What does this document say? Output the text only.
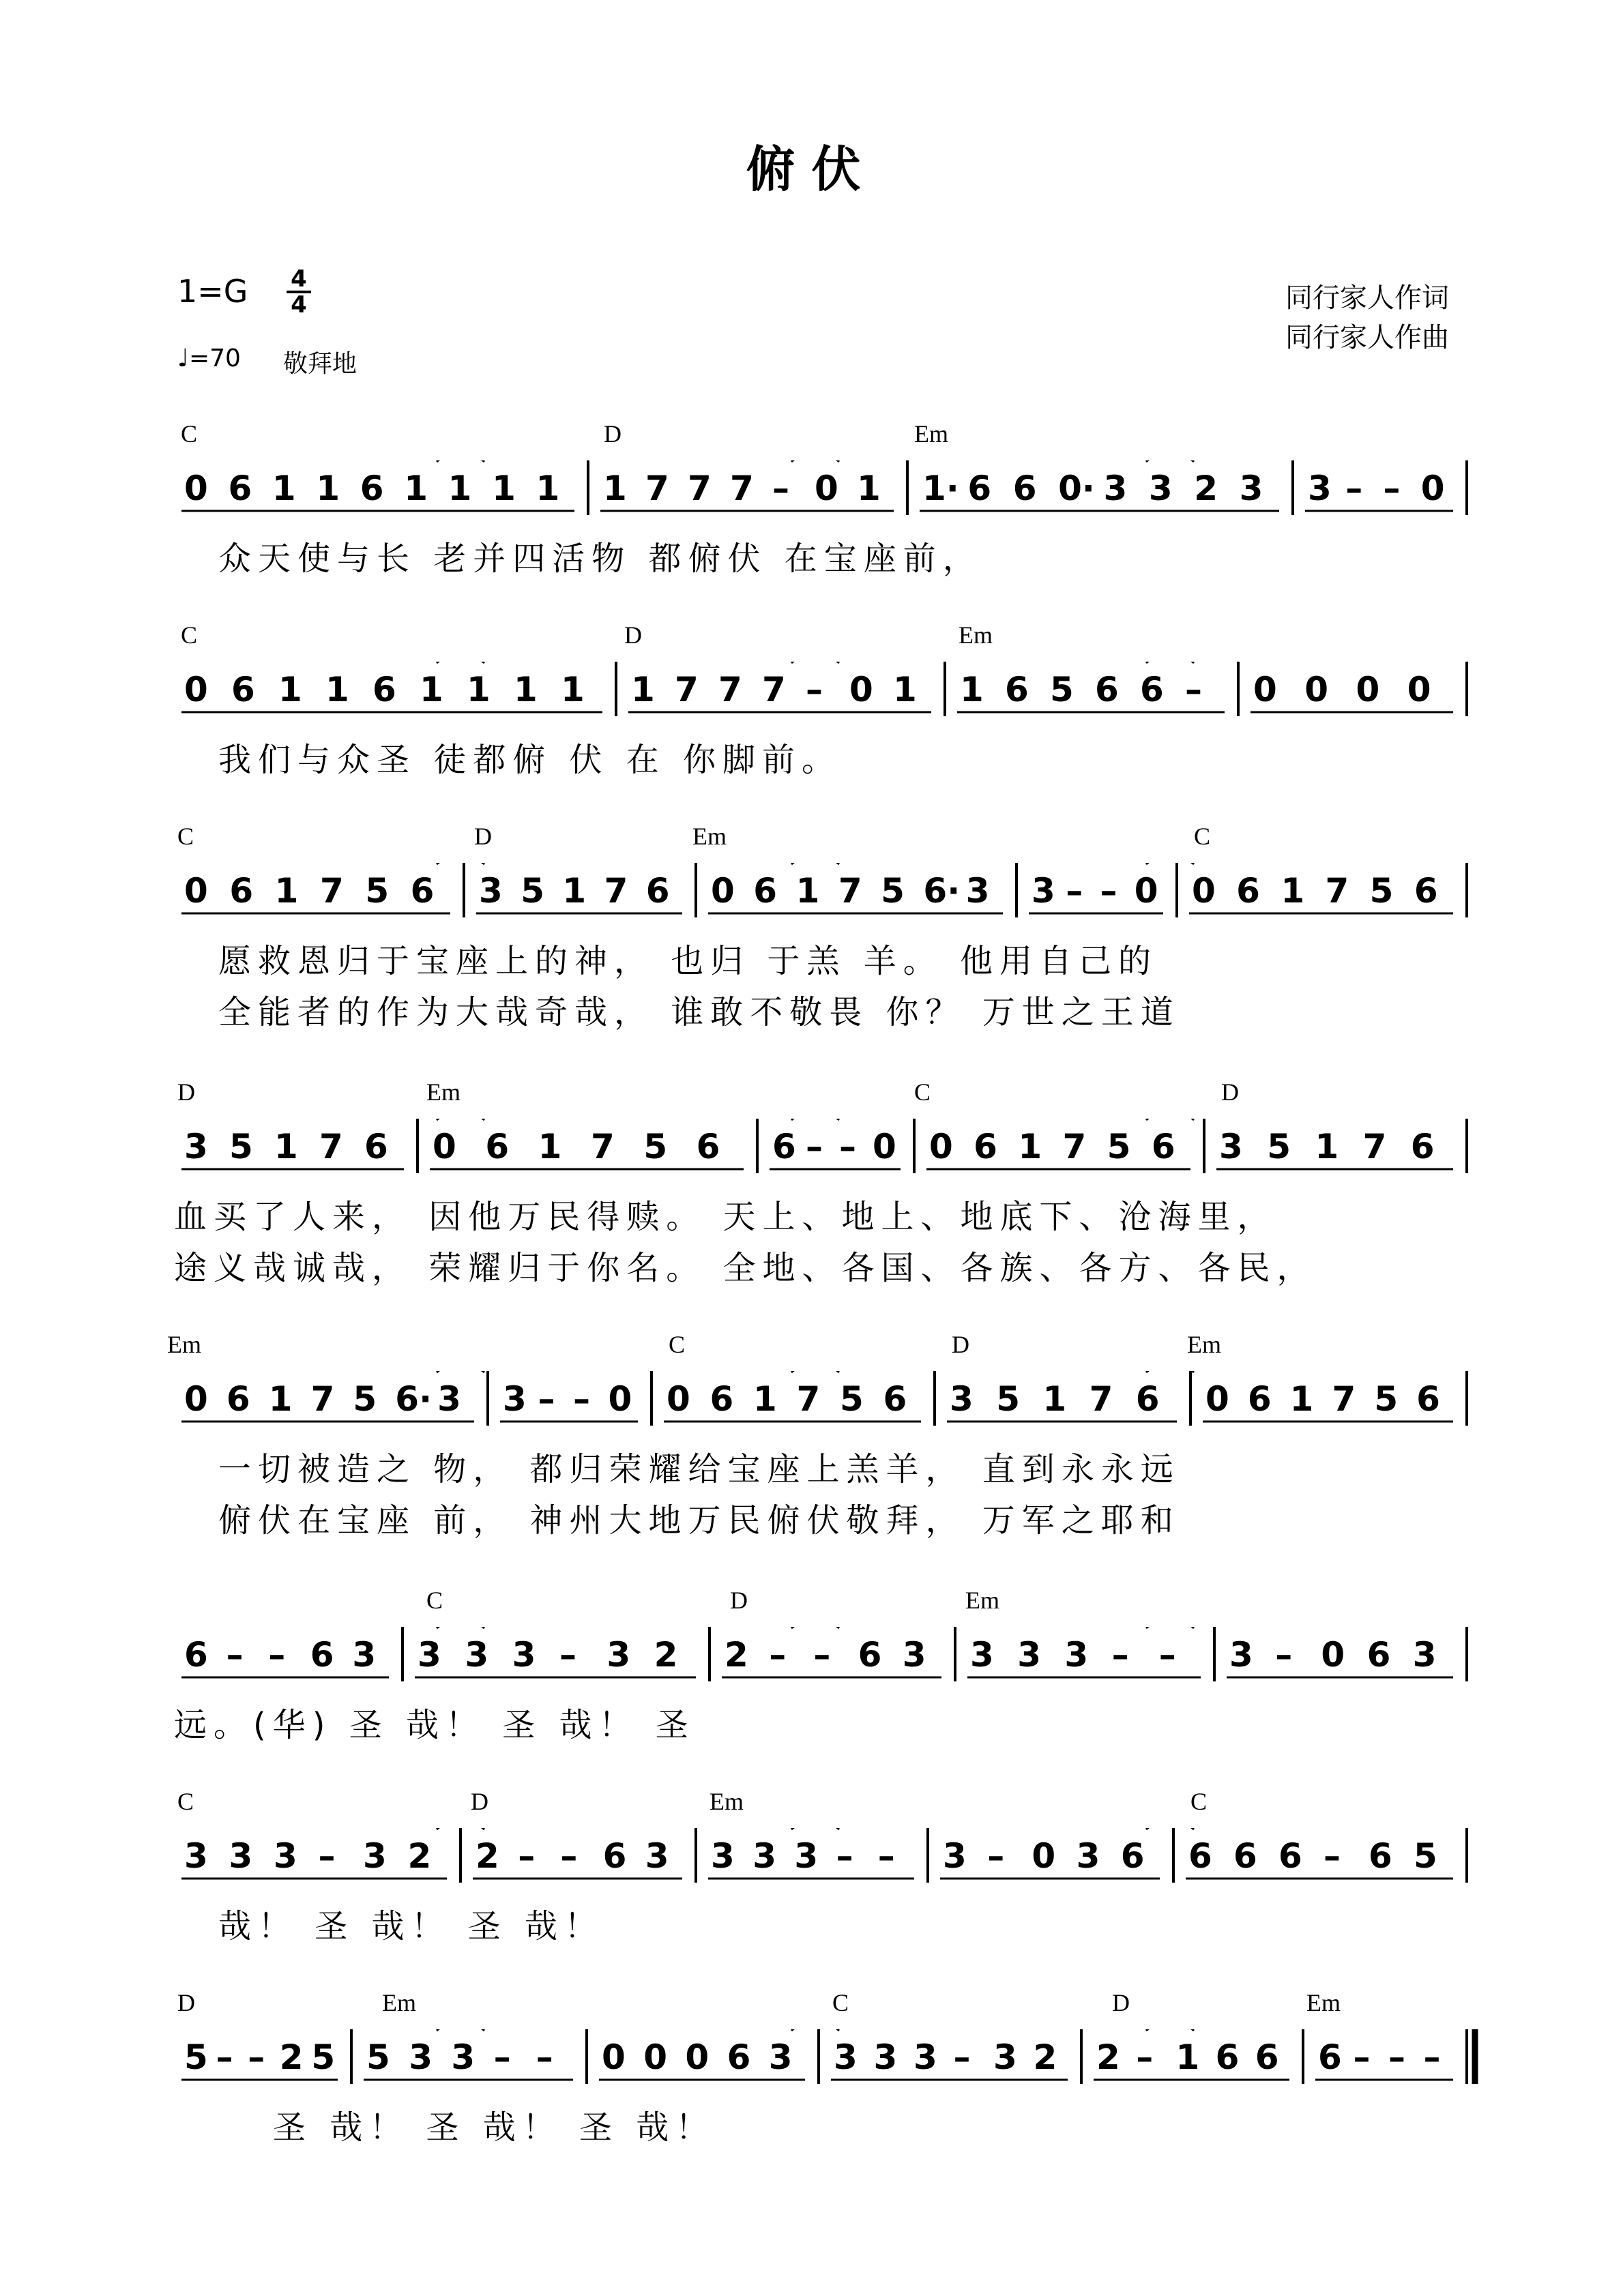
俯伏
1=G 4
4
♩=70 敬拜地
同行家人作词
同行家人作曲
C	D	Em
0 6 1 1 6 1 1 1 1 1 7 7 7 – 0 1 1· 6 6 0· 3 3 2 3 3 – – 0
众天使与长 老并四活物 都俯伏 在宝座前，
C	D	Em
0 6 1 1 6 1 1 1 1 1 7 7 7 – 0 1 1 6 5 6 6 – 0 0 0 0
我们与众圣 徒都俯 伏 在 你脚前。
C	D	Em	C
0 6 1 7 5 6 3 5 1 7 6 0 6 1 7 5 6· 3 3 – – 0 0 6 1 7 5 6
愿救恩归于宝座上的神， 也归 于羔 羊。 他用自己的
全能者的作为大哉奇哉， 谁敢不敬畏 你？ 万世之王道
D	Em	C	D
3 5 1 7 6 0 6 1 7 5 6 6 – – 0 0 6 1 7 5 6 3 5 1 7 6
血买了人来， 因他万民得赎。 天上、地上、地底下、沧海里，
途义哉诚哉， 荣耀归于你名。 全地、各国、各族、各方、各民，
Em	C	D	Em
0 6 1 7 5 6· 3 3 – – 0 0 6 1 7 5 6 3 5 1 7 6 0 6 1 7 5 6
一切被造之 物， 都归荣耀给宝座上羔羊， 直到永永远
俯伏在宝座 前， 神州大地万民俯伏敬拜， 万军之耶和
C	D	Em
6 – – 6 3 3 3 3 – 3 2 2 – – 6 3 3 3 3 – – 3 – 0 6 3
远。(华) 圣 哉！ 圣 哉！ 圣
C	D	Em	C
3 3 3 – 3 2 2 – – 6 3 3 3 3 – – 3 – 0 3 6 6 6 6 – 6 5
哉！ 圣 哉！ 圣 哉！
D	Em	C	D	Em
5 – – 2 5 5 3 3 – – 0 0 0 6 3 3 3 3 – 3 2 2 – 1 6 6 6 – – –
圣 哉！ 圣 哉！ 圣 哉！
